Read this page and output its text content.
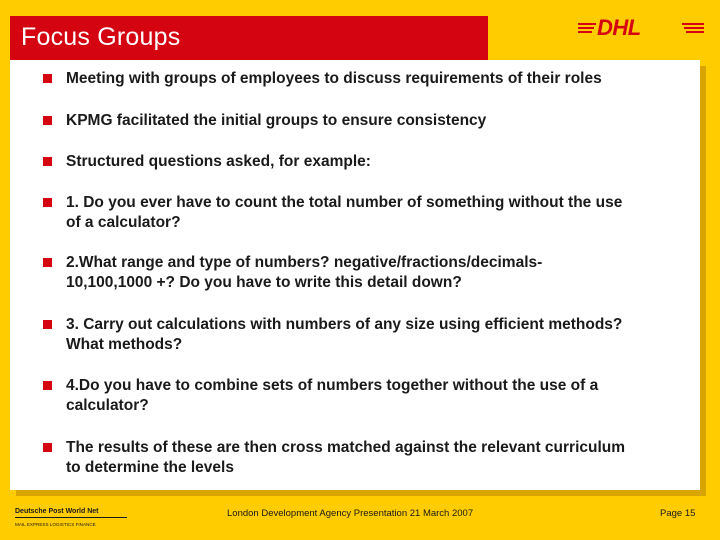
Focus Groups	DHL
Meeting with groups of employees to discuss requirements of their roles
KPMG facilitated the initial groups to ensure consistency
Structured questions asked, for example:
1. Do you ever have to count the total number of something without the use
of a calculator?
2.What range and type of numbers? negative/fractions/decimals-
10,100,1000 +? Do you have to write this detail down?
3. Carry out calculations with numbers of any size using efficient methods?
What methods?
4.Do you have to combine sets of numbers together without the use of a
calculator?
The results of these are then cross matched against the relevant curriculum
to determine the levels
Deutsche Post World Net
MAIL EXPRESS LOGISTICS FINANCE
London Development Agency Presentation 21 March 2007	Page 15
